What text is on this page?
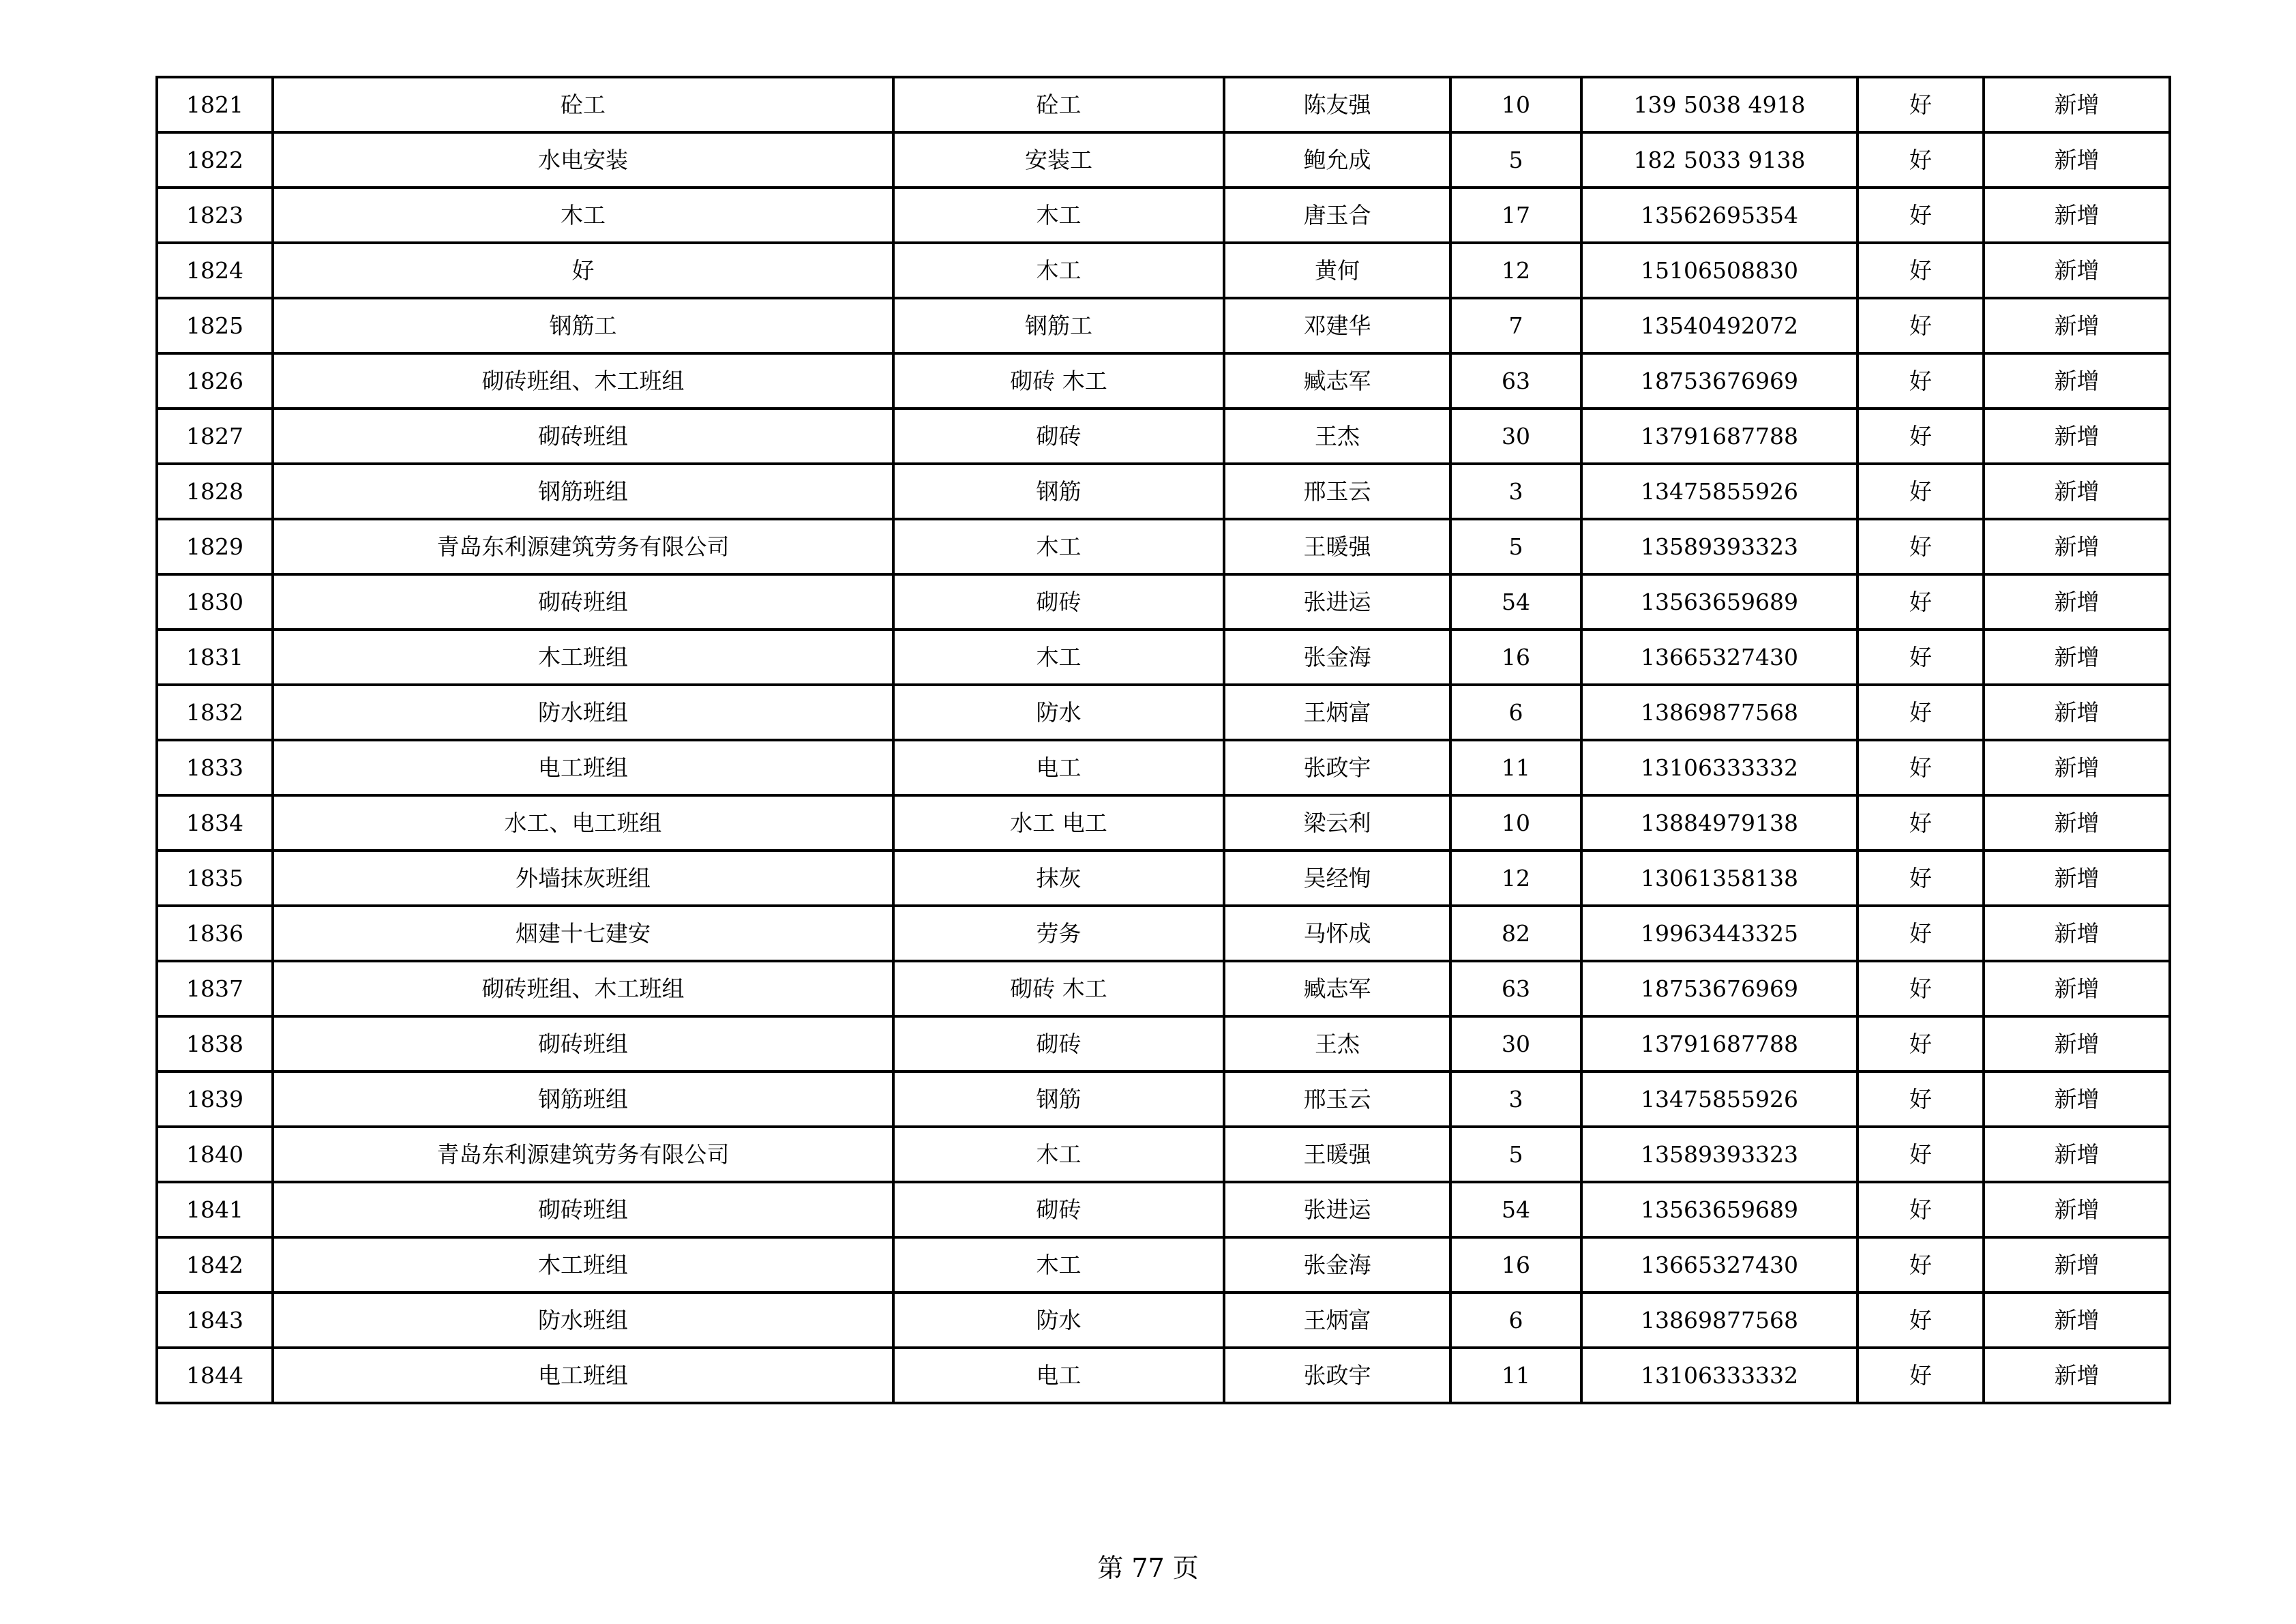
1821	砼工	砼工	陈友强	10	139 5038 4918	好	新增
1822	水电安装	安装工	鲍允成	5	182 5033 9138	好	新增
1823	木工	木工	唐玉合	17	13562695354	好	新增
1824	好	木工	黄何	12	15106508830	好	新增
1825	钢筋工	钢筋工	邓建华	7	13540492072	好	新增
1826	砌砖班组、木工班组	砌砖 木工	臧志军	63	18753676969	好	新增
1827	砌砖班组	砌砖	王杰	30	13791687788	好	新增
1828	钢筋班组	钢筋	邢玉云	3	13475855926	好	新增
1829	青岛东利源建筑劳务有限公司	木工	王暖强	5	13589393323	好	新增
1830	砌砖班组	砌砖	张进运	54	13563659689	好	新增
1831	木工班组	木工	张金海	16	13665327430	好	新增
1832	防水班组	防水	王炳富	6	13869877568	好	新增
1833	电工班组	电工	张政宇	11	13106333332	好	新增
1834	水工、电工班组	水工 电工	梁云利	10	13884979138	好	新增
1835	外墙抹灰班组	抹灰	吴经恂	12	13061358138	好	新增
1836	烟建十七建安	劳务	马怀成	82	19963443325	好	新增
1837	砌砖班组、木工班组	砌砖 木工	臧志军	63	18753676969	好	新增
1838	砌砖班组	砌砖	王杰	30	13791687788	好	新增
1839	钢筋班组	钢筋	邢玉云	3	13475855926	好	新增
1840	青岛东利源建筑劳务有限公司	木工	王暖强	5	13589393323	好	新增
1841	砌砖班组	砌砖	张进运	54	13563659689	好	新增
1842	木工班组	木工	张金海	16	13665327430	好	新增
1843	防水班组	防水	王炳富	6	13869877568	好	新增
1844	电工班组	电工	张政宇	11	13106333332	好	新增
第 77 页
